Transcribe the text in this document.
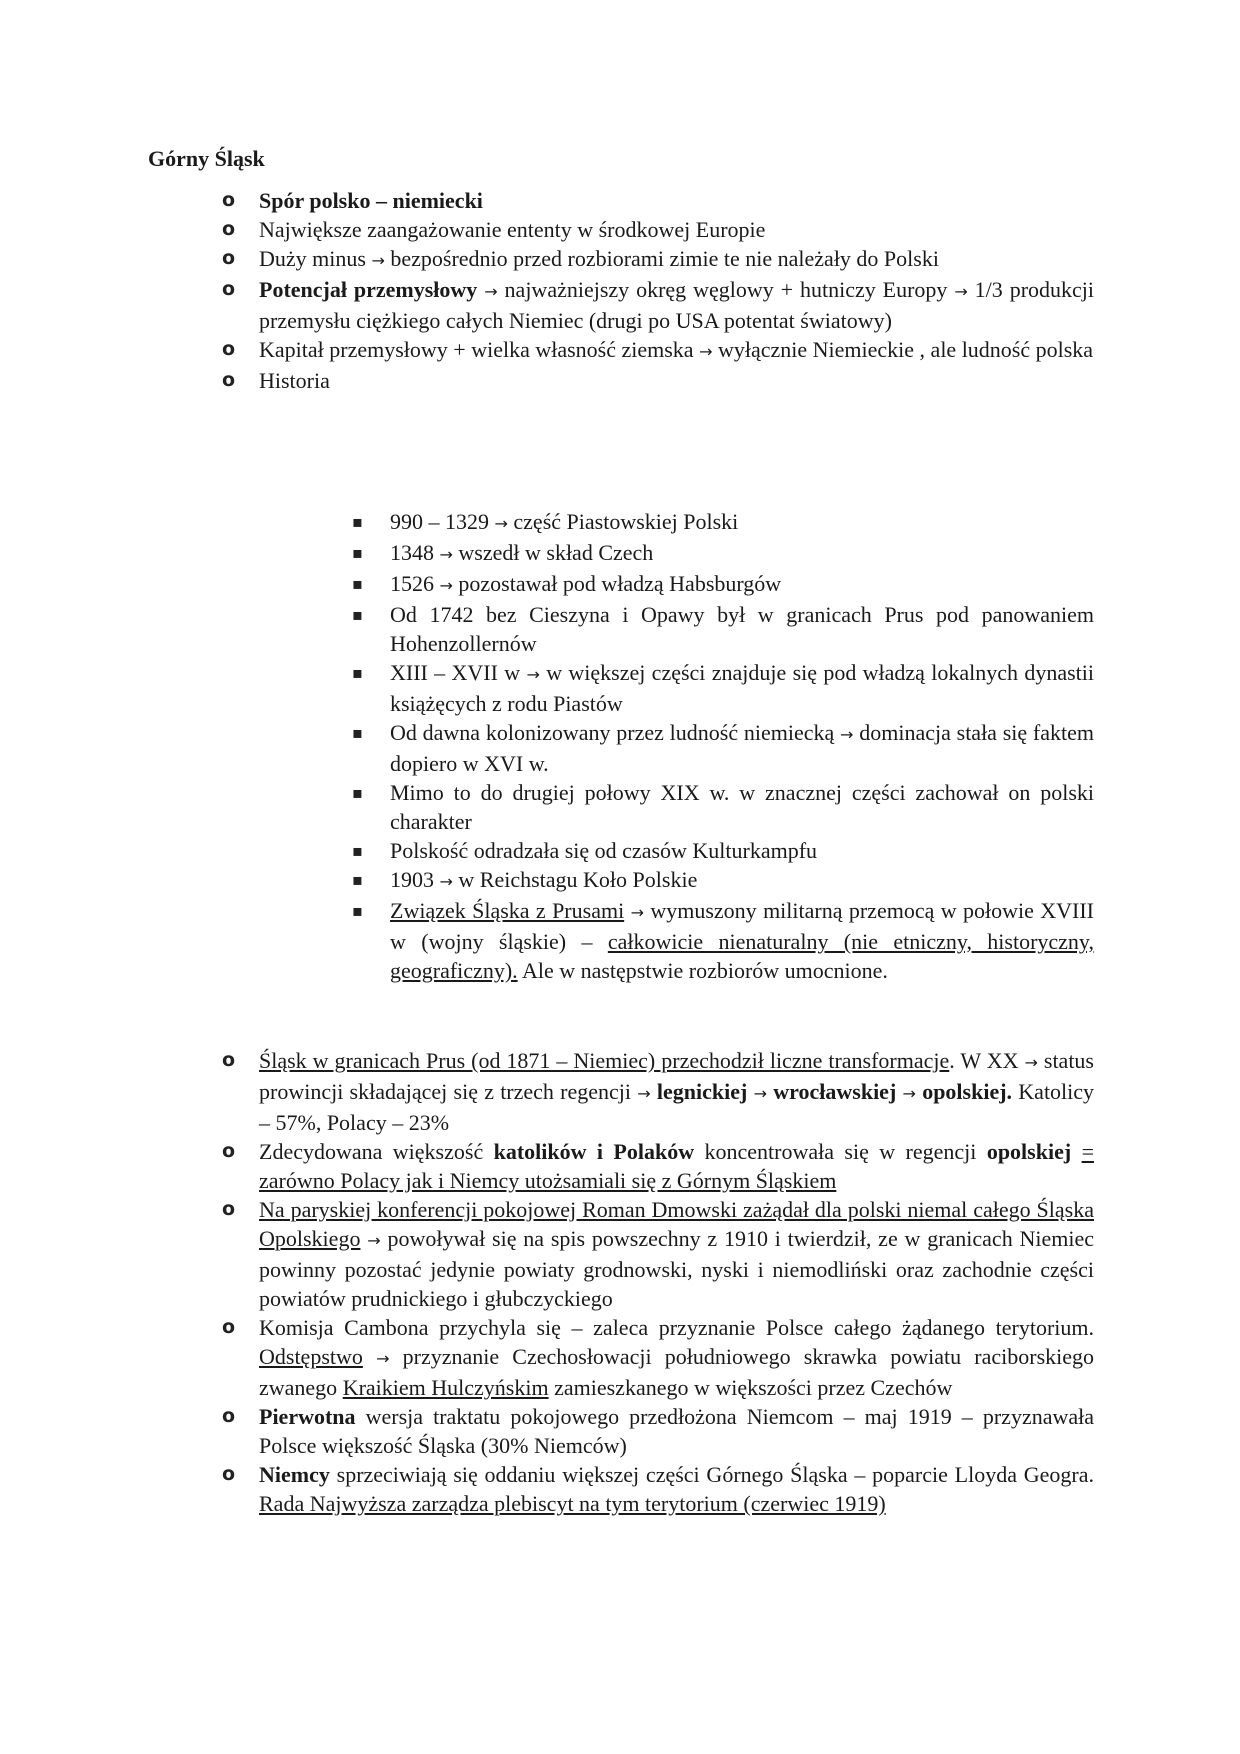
Górny Śląsk
o Spór polsko – niemiecki
o Największe zaangażowanie ententy w środkowej Europie
o Duży minus → bezpośrednio przed rozbiorami zimie te nie należały do Polski
o Potencjał przemysłowy → najważniejszy okręg węglowy + hutniczy Europy → 1/3 produkcji przemysłu ciężkiego całych Niemiec (drugi po USA potentat światowy)
o Kapitał przemysłowy + wielka własność ziemska → wyłącznie Niemieckie , ale ludność polska
o Historia
▪ 990 – 1329 → część Piastowskiej Polski
▪ 1348 → wszedł w skład Czech
▪ 1526 → pozostawał pod władzą Habsburgów
▪ Od 1742 bez Cieszyna i Opawy był w granicach Prus pod panowaniem Hohenzollernów
▪ XIII – XVII w → w większej części znajduje się pod władzą lokalnych dynastii książęcych z rodu Piastów
▪ Od dawna kolonizowany przez ludność niemiecką → dominacja stała się faktem dopiero w XVI w.
▪ Mimo to do drugiej połowy XIX w. w znacznej części zachował on polski charakter
▪ Polskość odradzała się od czasów Kulturkampfu
▪ 1903 → w Reichstagu Koło Polskie
▪ Związek Śląska z Prusami → wymuszony militarną przemocą w połowie XVIII w (wojny śląskie) – całkowicie nienaturalny (nie etniczny, historyczny, geograficzny). Ale w następstwie rozbiorów umocnione.
o Śląsk w granicach Prus (od 1871 – Niemiec) przechodził liczne transformacje. W XX → status prowincji składającej się z trzech regencji → legnickiej → wrocławskiej → opolskiej. Katolicy – 57%, Polacy – 23%
o Zdecydowana większość katolików i Polaków koncentrowała się w regencji opolskiej = zarówno Polacy jak i Niemcy utożsamiali się z Górnym Śląskiem
o Na paryskiej konferencji pokojowej Roman Dmowski zażądał dla polski niemal całego Śląska Opolskiego → powoływał się na spis powszechny z 1910 i twierdził, ze w granicach Niemiec powinny pozostać jedynie powiaty grodnowski, nyski i niemodliński oraz zachodnie części powiatów prudnickiego i głubczyckiego
o Komisja Cambona przychyla się – zaleca przyznanie Polsce całego żądanego terytorium. Odstępstwo → przyznanie Czechosłowacji południowego skrawka powiatu raciborskiego zwanego Kraikiem Hulczyńskim zamieszkanego w większości przez Czechów
o Pierwotna wersja traktatu pokojowego przedłożona Niemcom – maj 1919 – przyznawała Polsce większość Śląska (30% Niemców)
o Niemcy sprzeciwiają się oddaniu większej części Górnego Śląska – poparcie Lloyda Geogra. Rada Najwyższa zarządza plebiscyt na tym terytorium (czerwiec 1919)
